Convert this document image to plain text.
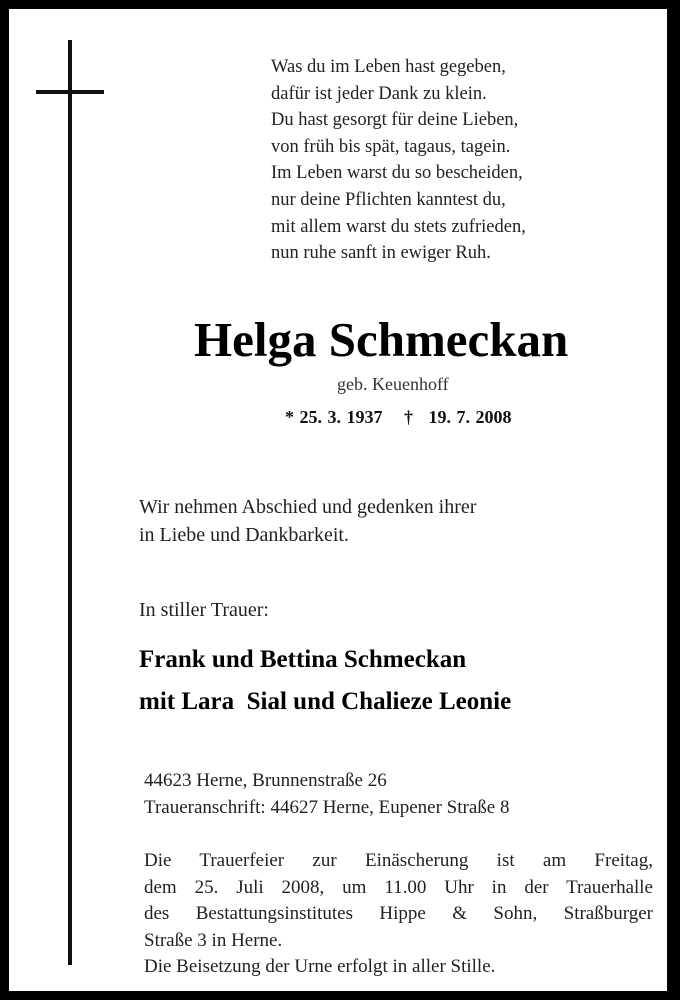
Was du im Leben hast gegeben,
dafür ist jeder Dank zu klein.
Du hast gesorgt für deine Lieben,
von früh bis spät, tagaus, tagein.
Im Leben warst du so bescheiden,
nur deine Pflichten kanntest du,
mit allem warst du stets zufrieden,
nun ruhe sanft in ewiger Ruh.
Helga Schmeckan
geb. Keuenhoff
* 25. 3. 1937 † 19. 7. 2008
Wir nehmen Abschied und gedenken ihrer
in Liebe und Dankbarkeit.
In stiller Trauer:
Frank und Bettina Schmeckan
mit Lara  Sial und Chalieze Leonie
44623 Herne, Brunnenstraße 26
Traueranschrift: 44627 Herne, Eupener Straße 8
Die Trauerfeier zur Einäscherung ist am Freitag,
dem 25. Juli 2008, um 11.00 Uhr in der Trauerhalle
des Bestattungsinstitutes Hippe & Sohn, Straßburger
Straße 3 in Herne.
Die Beisetzung der Urne erfolgt in aller Stille.
